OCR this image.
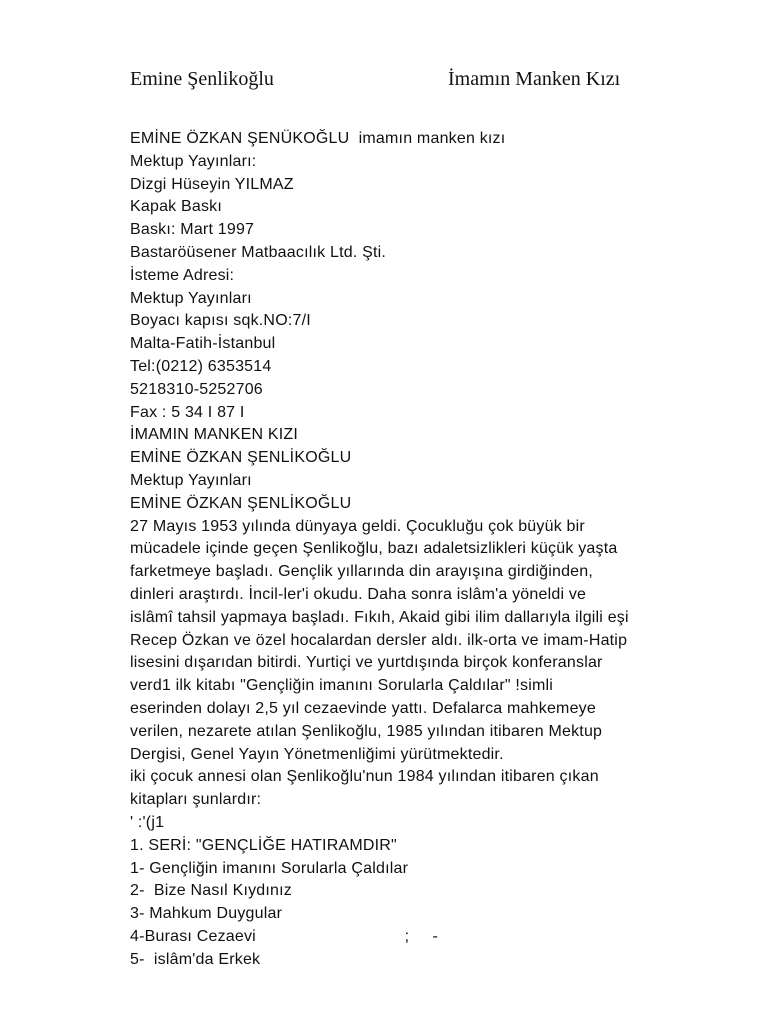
Emine Şenlikoğlu	İmamın Manken Kızı
EMİNE ÖZKAN ŞENÜKOĞLU  imamın manken kızı
Mektup Yayınları:
Dizgi Hüseyin YILMAZ
Kapak Baskı
Baskı: Mart 1997
Bastaröüsener Matbaacılık Ltd. Şti.
İsteme Adresi:
Mektup Yayınları
Boyacı kapısı sqk.NO:7/I
Malta-Fatih-İstanbul
Tel:(0212) 6353514
5218310-5252706
Fax : 5 34 I 87 I
İMAMIN MANKEN KIZI
EMİNE ÖZKAN ŞENLİKOĞLU
Mektup Yayınları
EMİNE ÖZKAN ŞENLİKOĞLU
27 Mayıs 1953 yılında dünyaya geldi. Çocukluğu çok büyük bir
mücadele içinde geçen Şenlikoğlu, bazı adaletsizlikleri küçük yaşta
farketmeye başladı. Gençlik yıllarında din arayışına girdiğinden,
dinleri araştırdı. İncil-ler'i okudu. Daha sonra islâm'a yöneldi ve
islâmî tahsil yapmaya başladı. Fıkıh, Akaid gibi ilim dallarıyla ilgili eşi
Recep Özkan ve özel hocalardan dersler aldı. ilk-orta ve imam-Hatip
lisesini dışarıdan bitirdi. Yurtiçi ve yurtdışında birçok konferanslar
verd1 ilk kitabı "Gençliğin imanını Sorularla Çaldılar" !simli
eserinden dolayı 2,5 yıl cezaevinde yattı. Defalarca mahkemeye
verilen, nezarete atılan Şenlikoğlu, 1985 yılından itibaren Mektup
Dergisi, Genel Yayın Yönetmenliğimi yürütmektedir.
iki çocuk annesi olan Şenlikoğlu'nun 1984 yılından itibaren çıkan
kitapları şunlardır:
' :'(j1
1. SERİ: "GENÇLİĞE HATIRAMDIR"
1- Gençliğin imanını Sorularla Çaldılar
2-  Bize Nasıl Kıydınız
3- Mahkum Duygular
4-Burası Cezaevi                                ;     -
5-  islâm'da Erkek
